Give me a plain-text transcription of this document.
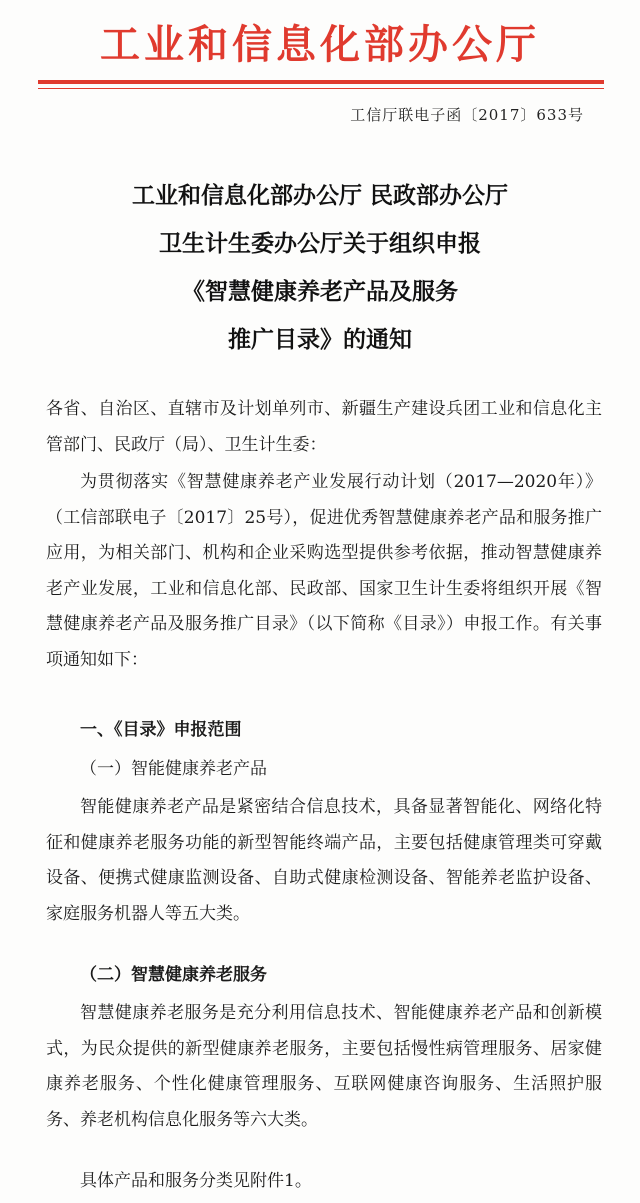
工业和信息化部办公厅
工信厅联电子函〔2017〕633号
工业和信息化部办公厅 民政部办公厅
卫生计生委办公厅关于组织申报
《智慧健康养老产品及服务
推广目录》的通知
各省、自治区、直辖市及计划单列市、新疆生产建设兵团工业和信息化主管部门、民政厅（局）、卫生计生委：
为贯彻落实《智慧健康养老产业发展行动计划（2017—2020年）》（工信部联电子〔2017〕25号），促进优秀智慧健康养老产品和服务推广应用，为相关部门、机构和企业采购选型提供参考依据，推动智慧健康养老产业发展，工业和信息化部、民政部、国家卫生计生委将组织开展《智慧健康养老产品及服务推广目录》（以下简称《目录》）申报工作。有关事项通知如下：
一、《目录》申报范围
（一）智能健康养老产品
智能健康养老产品是紧密结合信息技术，具备显著智能化、网络化特征和健康养老服务功能的新型智能终端产品，主要包括健康管理类可穿戴设备、便携式健康监测设备、自助式健康检测设备、智能养老监护设备、家庭服务机器人等五大类。
（二）智慧健康养老服务
智慧健康养老服务是充分利用信息技术、智能健康养老产品和创新模式，为民众提供的新型健康养老服务，主要包括慢性病管理服务、居家健康养老服务、个性化健康管理服务、互联网健康咨询服务、生活照护服务、养老机构信息化服务等六大类。
具体产品和服务分类见附件1。
